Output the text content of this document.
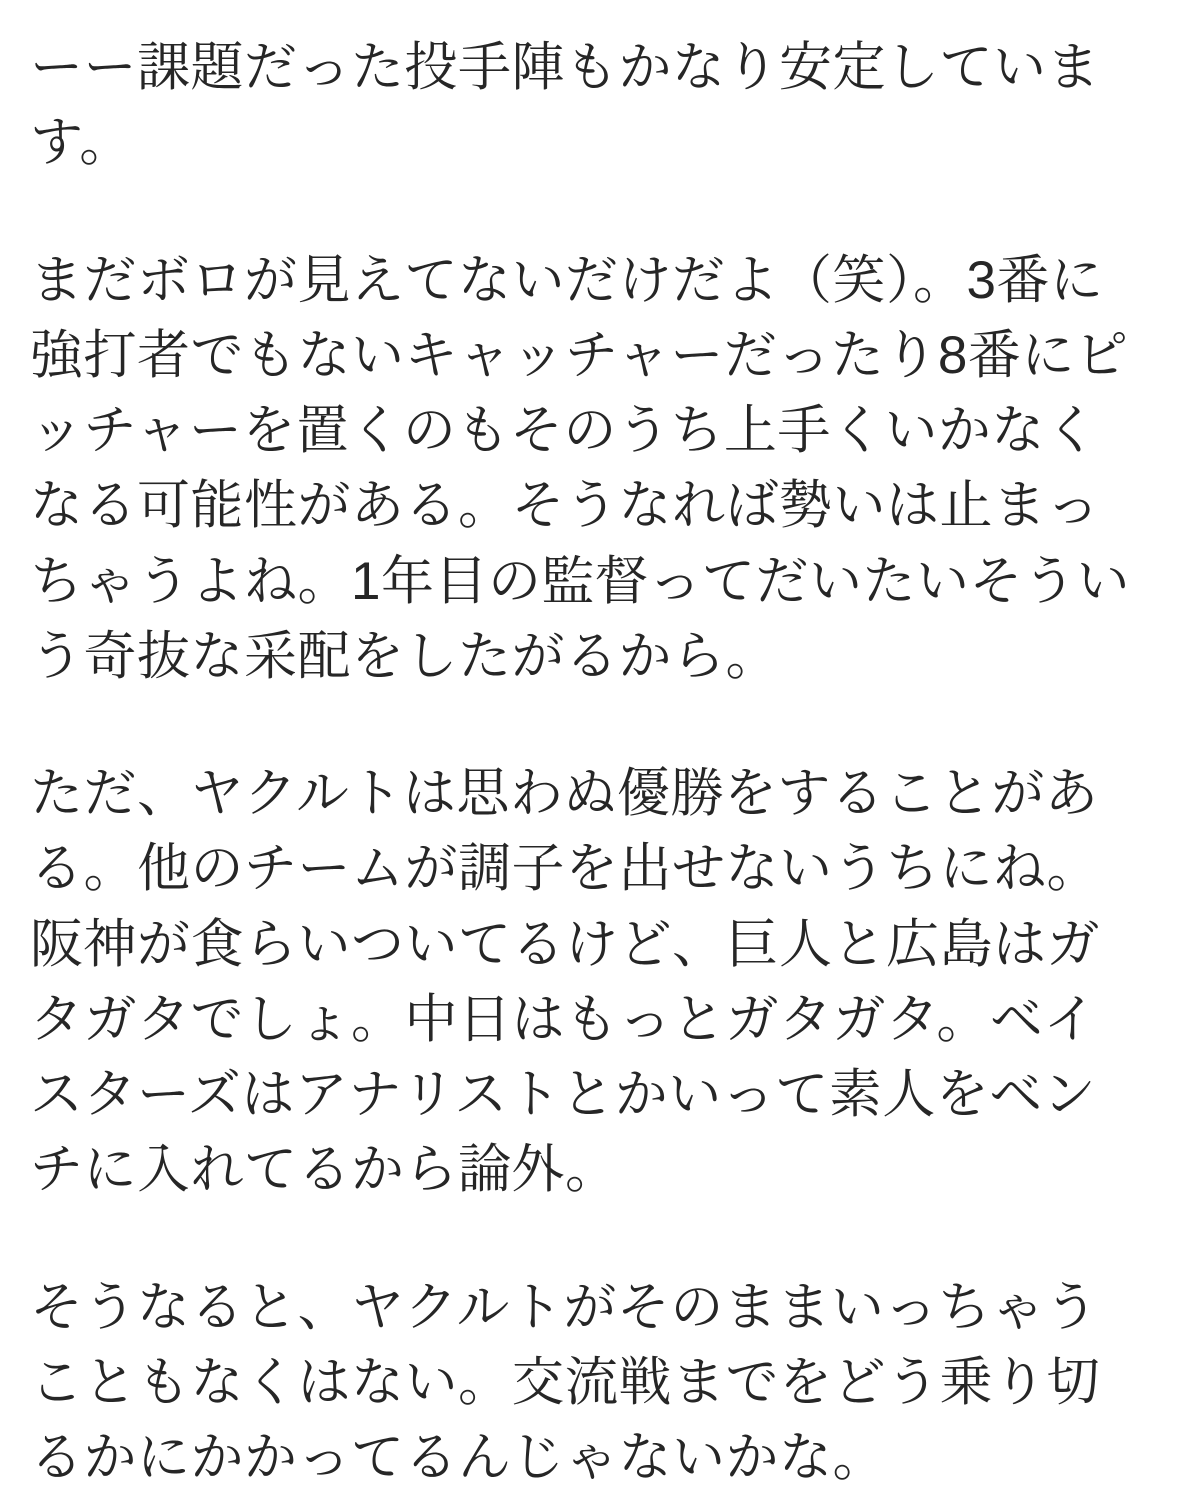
ーー課題だった投手陣もかなり安定しています。

まだボロが見えてないだけだよ（笑）。3番に強打者でもないキャッチャーだったり8番にピッチャーを置くのもそのうち上手くいかなくなる可能性がある。そうなれば勢いは止まっちゃうよね。1年目の監督ってだいたいそういう奇抜な采配をしたがるから。

ただ、ヤクルトは思わぬ優勝をすることがある。他のチームが調子を出せないうちにね。阪神が食らいついてるけど、巨人と広島はガタガタでしょ。中日はもっとガタガタ。ベイスターズはアナリストとかいって素人をベンチに入れてるから論外。

そうなると、ヤクルトがそのままいっちゃうこともなくはない。交流戦までをどう乗り切るかにかかってるんじゃないかな。
